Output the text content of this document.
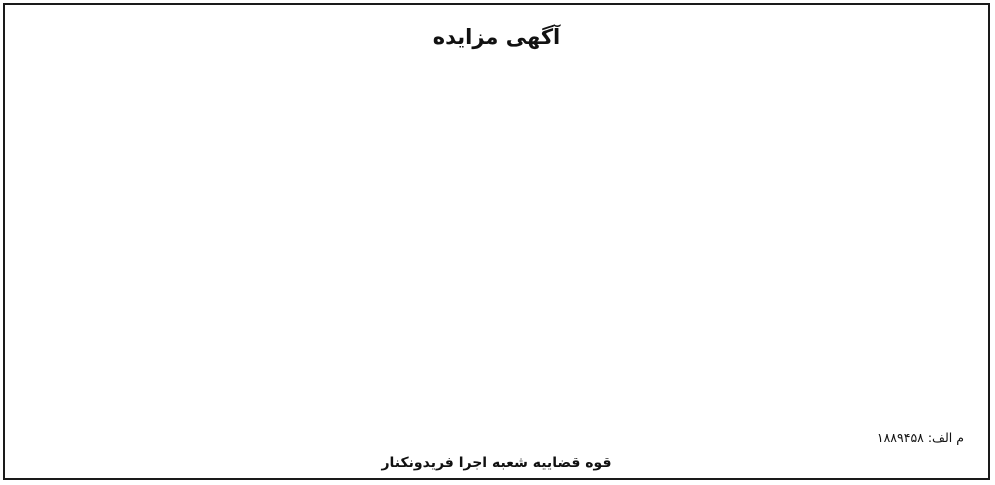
آگهی مزایده

م الف: ۱۸۸۹۴۵۸
قوه قضاییه شعبه اجرا فریدونکنار
